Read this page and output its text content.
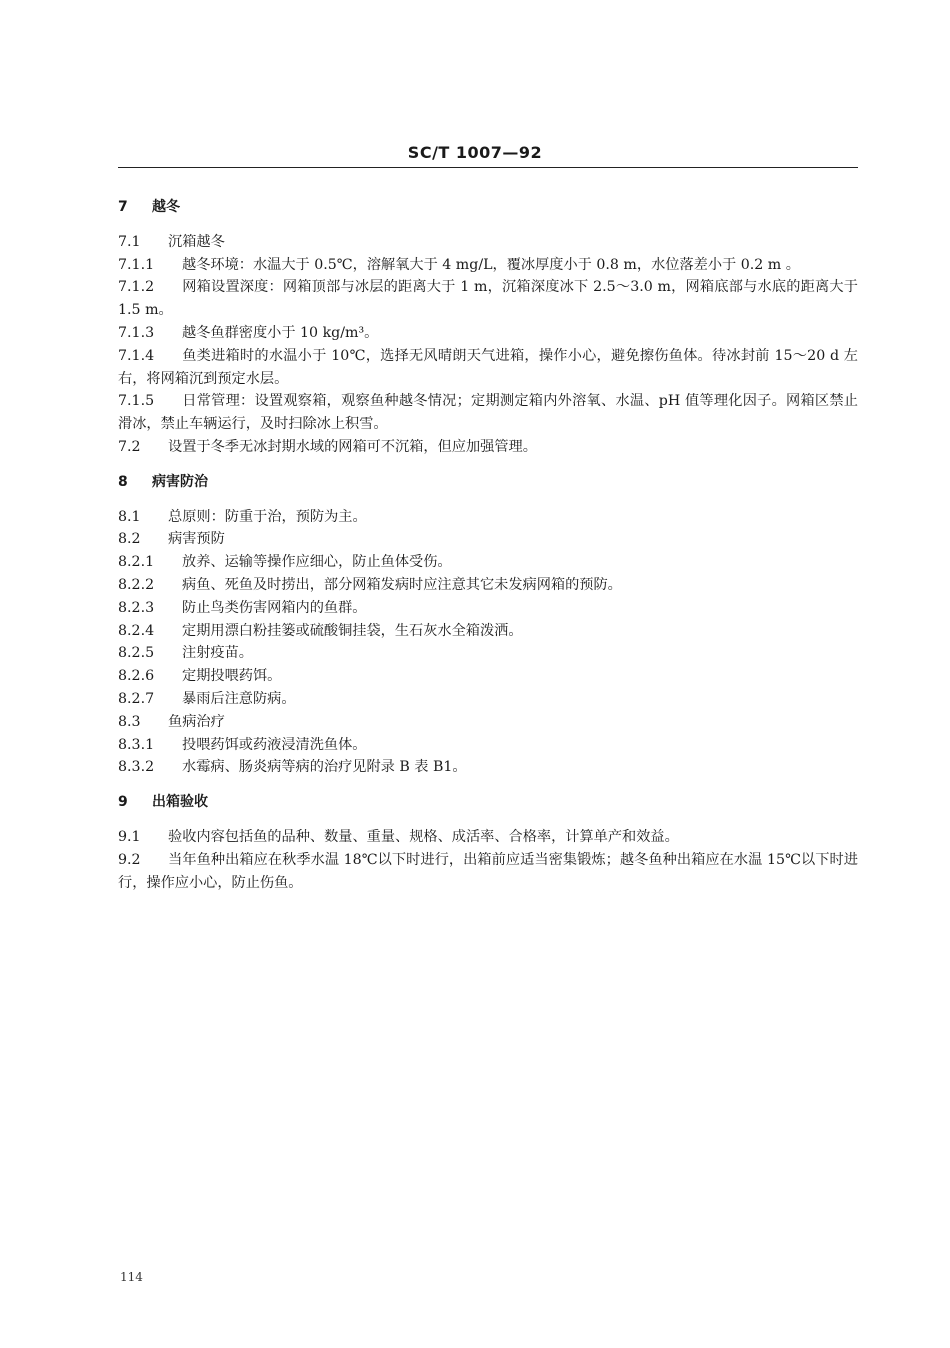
SC/T 1007—92
7 越冬
7.1 沉箱越冬
7.1.1 越冬环境：水温大于 0.5℃，溶解氧大于 4 mg/L，覆冰厚度小于 0.8 m，水位落差小于 0.2 m 。
7.1.2 网箱设置深度：网箱顶部与冰层的距离大于 1 m，沉箱深度冰下 2.5～3.0 m，网箱底部与水底的距离大于 1.5 m。
7.1.3 越冬鱼群密度小于 10 kg/m³。
7.1.4 鱼类进箱时的水温小于 10℃，选择无风晴朗天气进箱，操作小心，避免擦伤鱼体。待冰封前 15～20 d 左右，将网箱沉到预定水层。
7.1.5 日常管理：设置观察箱，观察鱼种越冬情况；定期测定箱内外溶氧、水温、pH 值等理化因子。网箱区禁止滑冰，禁止车辆运行，及时扫除冰上积雪。
7.2 设置于冬季无冰封期水域的网箱可不沉箱，但应加强管理。
8 病害防治
8.1 总原则：防重于治，预防为主。
8.2 病害预防
8.2.1 放养、运输等操作应细心，防止鱼体受伤。
8.2.2 病鱼、死鱼及时捞出，部分网箱发病时应注意其它未发病网箱的预防。
8.2.3 防止鸟类伤害网箱内的鱼群。
8.2.4 定期用漂白粉挂篓或硫酸铜挂袋，生石灰水全箱泼洒。
8.2.5 注射疫苗。
8.2.6 定期投喂药饵。
8.2.7 暴雨后注意防病。
8.3 鱼病治疗
8.3.1 投喂药饵或药液浸清洗鱼体。
8.3.2 水霉病、肠炎病等病的治疗见附录 B 表 B1。
9 出箱验收
9.1 验收内容包括鱼的品种、数量、重量、规格、成活率、合格率，计算单产和效益。
9.2 当年鱼种出箱应在秋季水温 18℃以下时进行，出箱前应适当密集锻炼；越冬鱼种出箱应在水温 15℃以下时进行，操作应小心，防止伤鱼。
114
